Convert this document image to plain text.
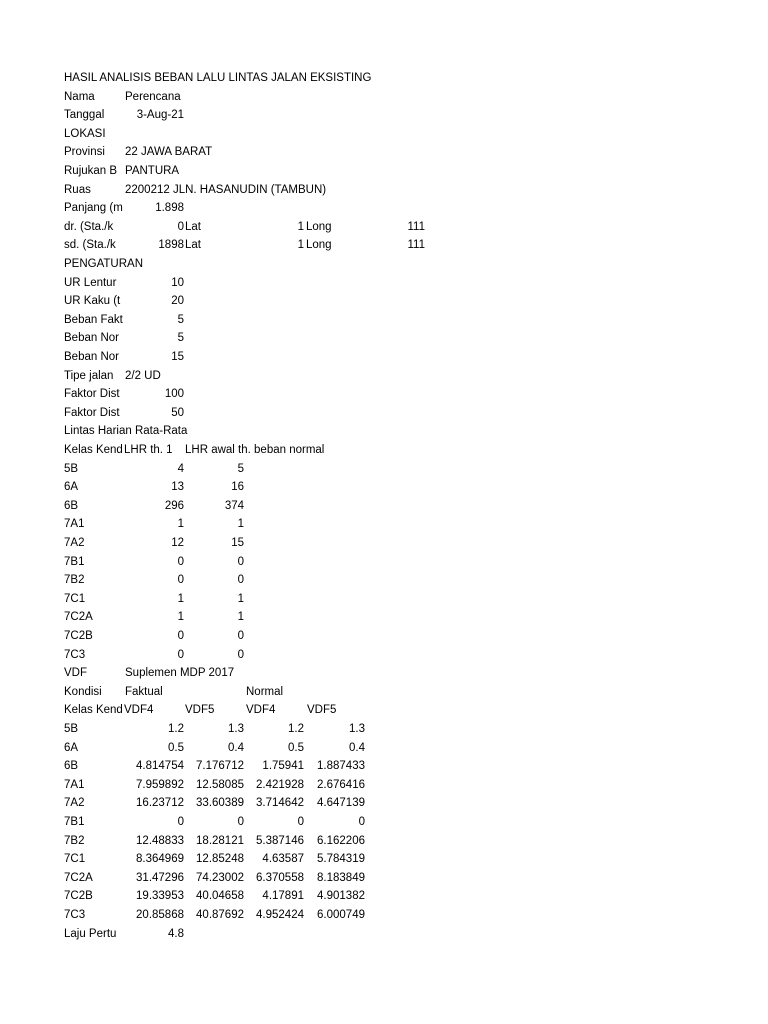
HASIL ANALISIS BEBAN LALU LINTAS JALAN EKSISTING
Nama	Perencana
Tanggal	3-Aug-21
LOKASI
Provinsi	22 JAWA BARAT
Rujukan B PANTURA
Ruas	2200212 JLN. HASANUDIN (TAMBUN)
Panjang (m	1.898
dr. (Sta./k	0 Lat	1 Long	111
sd. (Sta./k	1898 Lat	1 Long	111
PENGATURAN
UR Lentur	10
UR Kaku (t	20
Beban Fakt	5
Beban Nor	5
Beban Nor	15
Tipe jalan	2/2 UD
Faktor Dist	100
Faktor Dist	50
Lintas Harian Rata-Rata
Kelas Kend LHR th. 1	LHR awal th. beban normal
5B	4	5
6A	13	16
6B	296	374
7A1	1	1
7A2	12	15
7B1	0	0
7B2	0	0
7C1	1	1
7C2A	1	1
7C2B	0	0
7C3	0	0
VDF	Suplemen MDP 2017
Kondisi	Faktual	Normal
Kelas Kend VDF4	VDF5	VDF4	VDF5
5B	1.2	1.3	1.2	1.3
6A	0.5	0.4	0.5	0.4
6B	4.814754	7.176712	1.75941	1.887433
7A1	7.959892	12.58085	2.421928	2.676416
7A2	16.23712	33.60389	3.714642	4.647139
7B1	0	0	0	0
7B2	12.48833	18.28121	5.387146	6.162206
7C1	8.364969	12.85248	4.63587	5.784319
7C2A	31.47296	74.23002	6.370558	8.183849
7C2B	19.33953	40.04658	4.17891	4.901382
7C3	20.85868	40.87692	4.952424	6.000749
Laju Pertu	4.8
